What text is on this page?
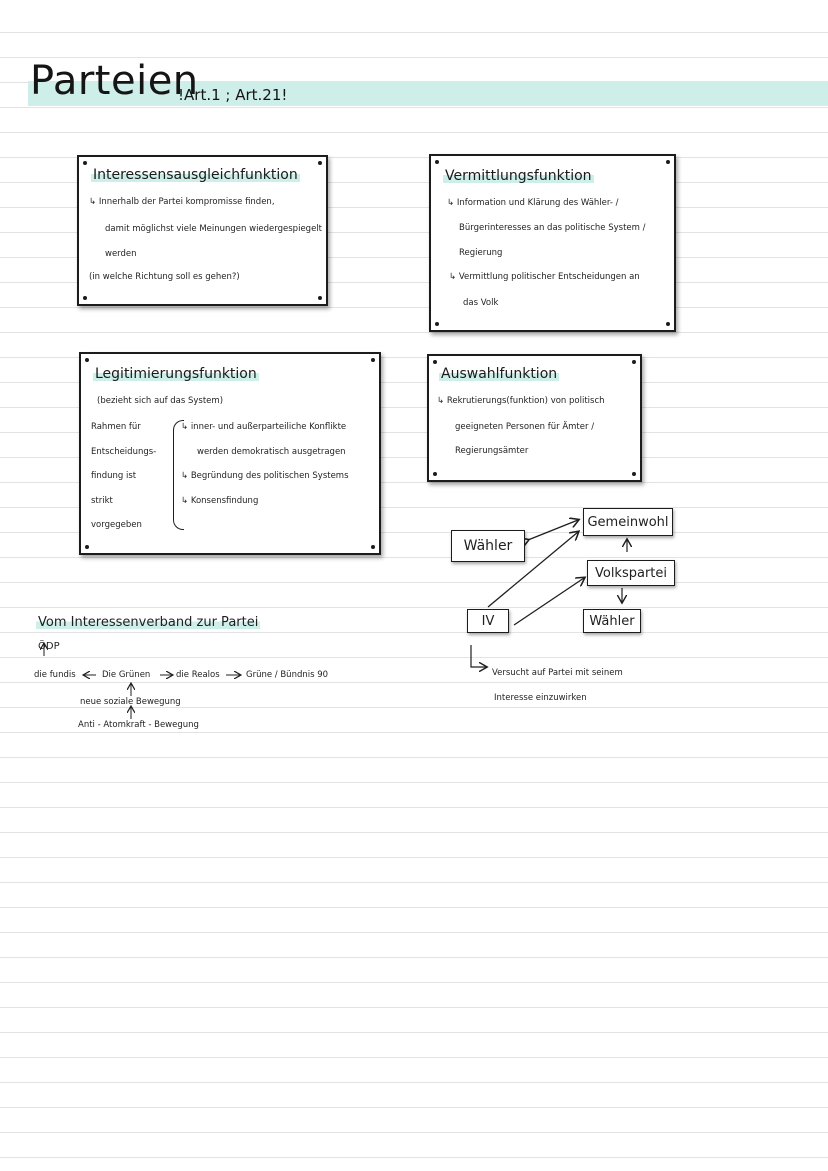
Parteien
!Art.1 ; Art.21!
Interessensausgleichfunktion
↳ Innerhalb der Partei kompromisse finden,
damit möglichst viele Meinungen wiedergespiegelt
werden
(in welche Richtung soll es gehen?)
Vermittlungsfunktion
↳ Information und Klärung des Wähler- /
Bürgerinteresses an das politische System /
Regierung
↳ Vermittlung politischer Entscheidungen an
das Volk
Legitimierungsfunktion
(bezieht sich auf das System)
Rahmen für
Entscheidungs-
findung ist
strikt
vorgegeben
↳ inner- und außerparteiliche Konflikte
werden demokratisch ausgetragen
↳ Begründung des politischen Systems
↳ Konsensfindung
Auswahlfunktion
↳ Rekrutierungs(funktion) von politisch
geeigneten Personen für Ämter /
Regierungsämter
Wähler
Gemeinwohl
Volkspartei
Wähler
IV
Versucht auf Partei mit seinem
Interesse einzuwirken
Vom Interessenverband zur Partei
ÖDP
die fundis	Die Grünen	die Realos	Grüne / Bündnis 90
neue soziale Bewegung
Anti - Atomkraft - Bewegung
